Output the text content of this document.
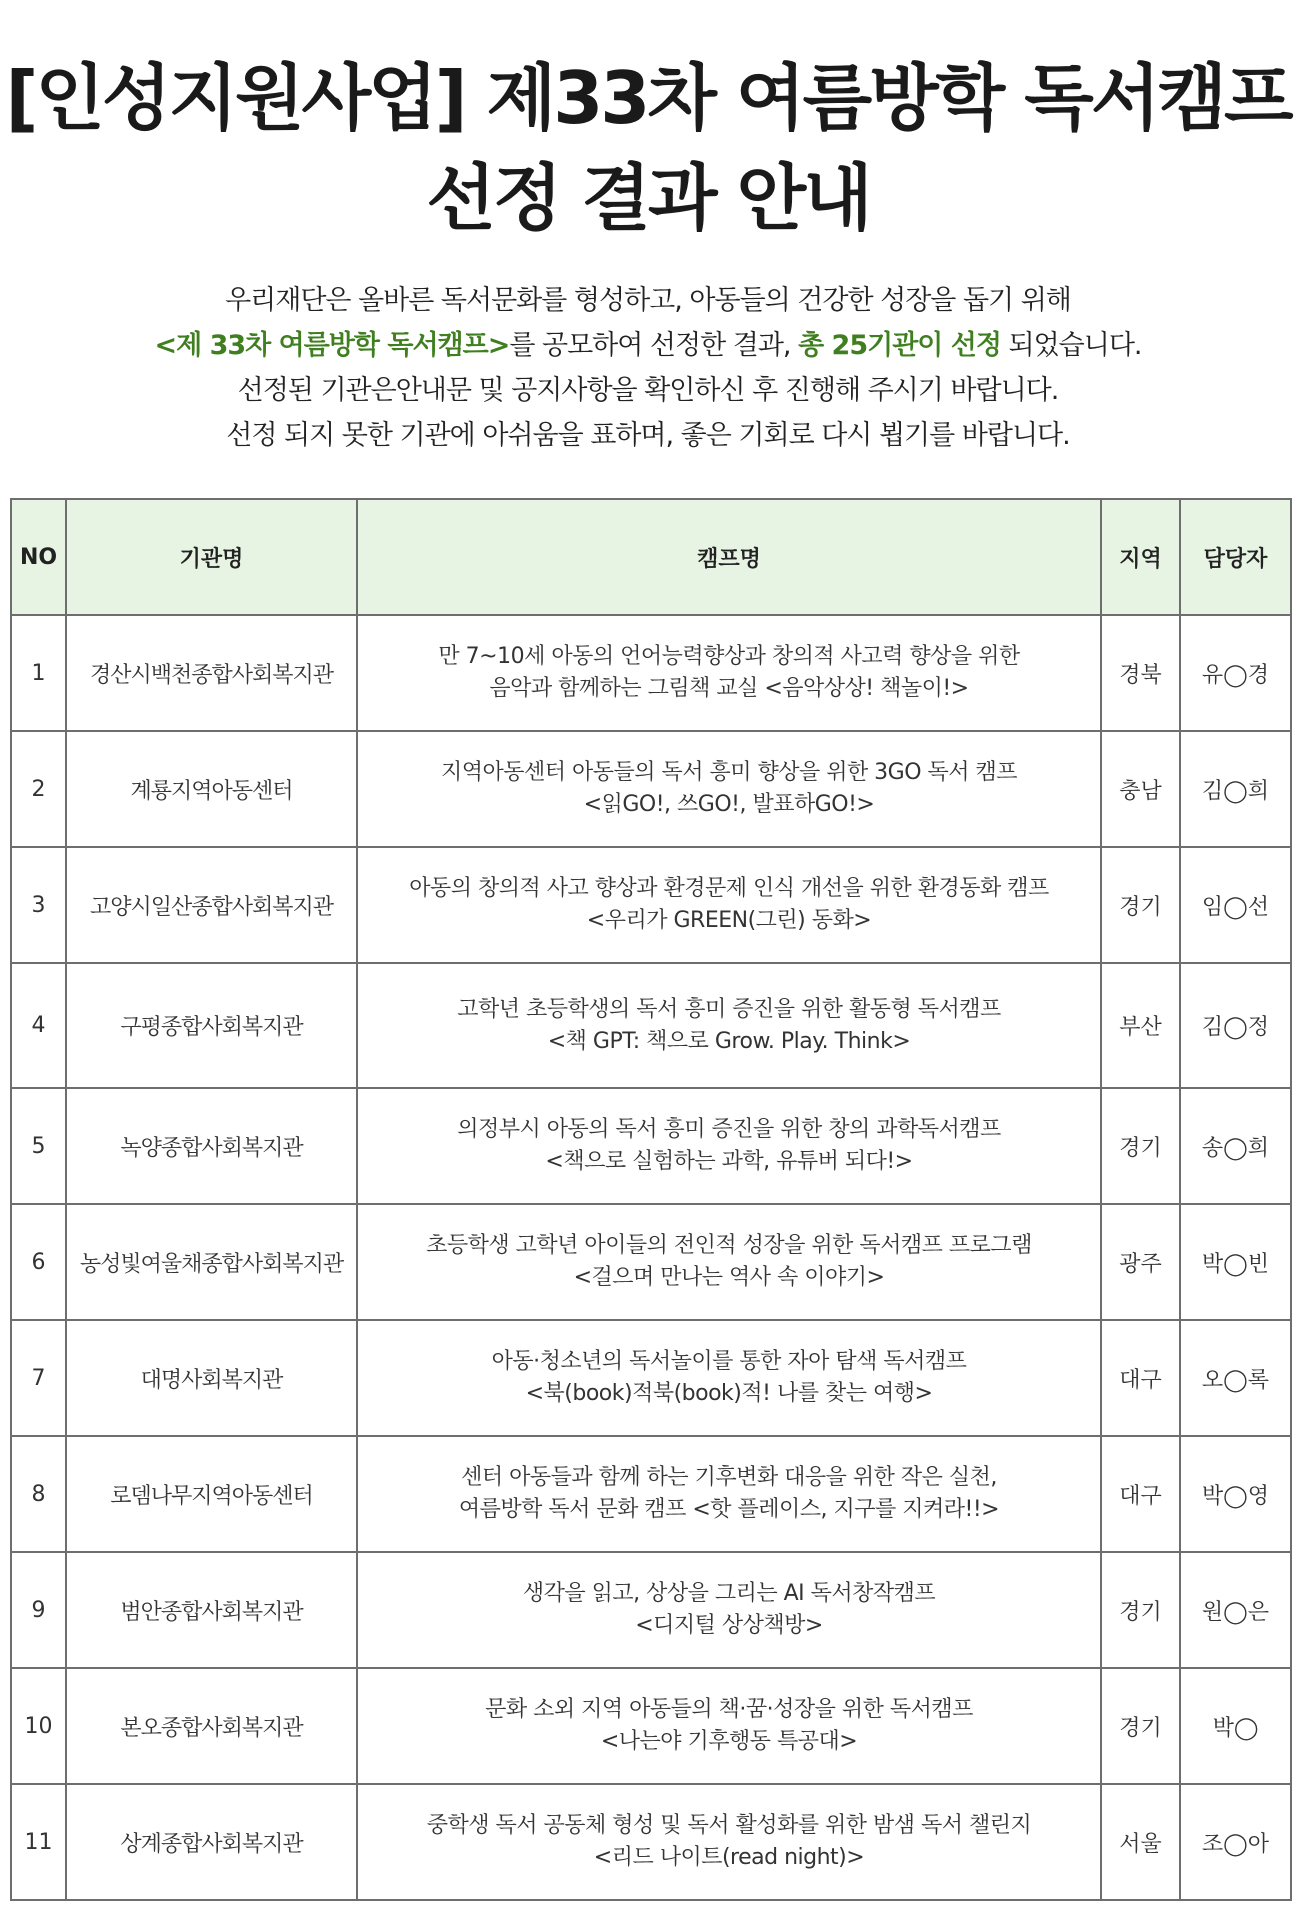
[인성지원사업] 제33차 여름방학 독서캠프
선정 결과 안내
우리재단은 올바른 독서문화를 형성하고, 아동들의 건강한 성장을 돕기 위해
<제 33차 여름방학 독서캠프>를 공모하여 선정한 결과, 총 25기관이 선정 되었습니다.
선정된 기관은안내문 및 공지사항을 확인하신 후 진행해 주시기 바랍니다.
선정 되지 못한 기관에 아쉬움을 표하며, 좋은 기회로 다시 뵙기를 바랍니다.
NO	기관명	캠프명	지역	담당자
1	경산시백천종합사회복지관	만 7~10세 아동의 언어능력향상과 창의적 사고력 향상을 위한
음악과 함께하는 그림책 교실 <음악상상! 책놀이!>	경북	유◯경
2	계룡지역아동센터	지역아동센터 아동들의 독서 흥미 향상을 위한 3GO 독서 캠프
<읽GO!, 쓰GO!, 발표하GO!>	충남	김◯희
3	고양시일산종합사회복지관	아동의 창의적 사고 향상과 환경문제 인식 개선을 위한 환경동화 캠프
<우리가 GREEN(그린) 동화>	경기	임◯선
4	구평종합사회복지관	고학년 초등학생의 독서 흥미 증진을 위한 활동형 독서캠프
<책 GPT: 책으로 Grow. Play. Think>	부산	김◯정
5	녹양종합사회복지관	의정부시 아동의 독서 흥미 증진을 위한 창의 과학독서캠프
<책으로 실험하는 과학, 유튜버 되다!>	경기	송◯희
6	농성빛여울채종합사회복지관	초등학생 고학년 아이들의 전인적 성장을 위한 독서캠프 프로그램
<걸으며 만나는 역사 속 이야기>	광주	박◯빈
7	대명사회복지관	아동·청소년의 독서놀이를 통한 자아 탐색 독서캠프
<북(book)적북(book)적! 나를 찾는 여행>	대구	오◯록
8	로뎀나무지역아동센터	센터 아동들과 함께 하는 기후변화 대응을 위한 작은 실천,
여름방학 독서 문화 캠프 <핫 플레이스, 지구를 지켜라!!>	대구	박◯영
9	범안종합사회복지관	생각을 읽고, 상상을 그리는 AI 독서창작캠프
<디지털 상상책방>	경기	원◯은
10	본오종합사회복지관	문화 소외 지역 아동들의 책·꿈·성장을 위한 독서캠프
<나는야 기후행동 특공대>	경기	박◯
11	상계종합사회복지관	중학생 독서 공동체 형성 및 독서 활성화를 위한 밤샘 독서 챌린지
<리드 나이트(read night)>	서울	조◯아
